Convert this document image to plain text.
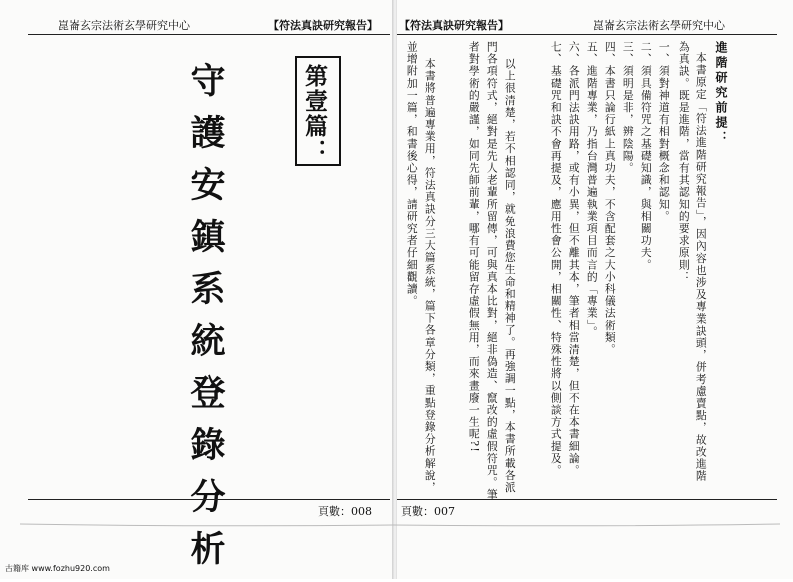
崑崙玄宗法術玄學研究中心	【符法真訣研究報告】
第壹篇：
守護安鎮系統登錄分析	頁數：008
【符法真訣研究報告】	崑崙玄宗法術玄學研究中心
進階研究前提：
本書原定「符法進階研究報告」，因內容也涉及專業訣頭，併考慮賣點，故改進階
為真訣。既是進階，當有其認知的要求原則：
一、須對神道有相對概念和認知。
二、須具備符咒之基礎知識，與相關功夫。
三、須明是非，辨陰陽。
四、本書只論行紙上真功夫，不含配套之大小科儀法術類。
五、進階專業，乃指台灣普遍執業項目而言的「專業」。
六、各派門法訣用路，或有小異，但不離其本，筆者相當清楚，但不在本書細論。
七、基礎咒和訣不會再提及，應用性會公開，相關性、特殊性將以側談方式提及。
以上很清楚，若不相認同，就免浪費您生命和精神了。再強調一點，本書所載各派
門各項符式，絕對是先人老輩所留傳，可與真本比對，絕非偽造、竄改的虛假符咒。筆
者對學術的嚴謹，如同先師前輩，哪有可能留存虛假無用，而來畫廢一生呢?!
本書將普遍專業用，符法真訣分三大篇系統，篇下各章分類，重點登錄分析解說，
並增附加一篇，和書後心得，請研究者仔細觀讀。
頁數：007
古籍库 www.fozhu920.com
